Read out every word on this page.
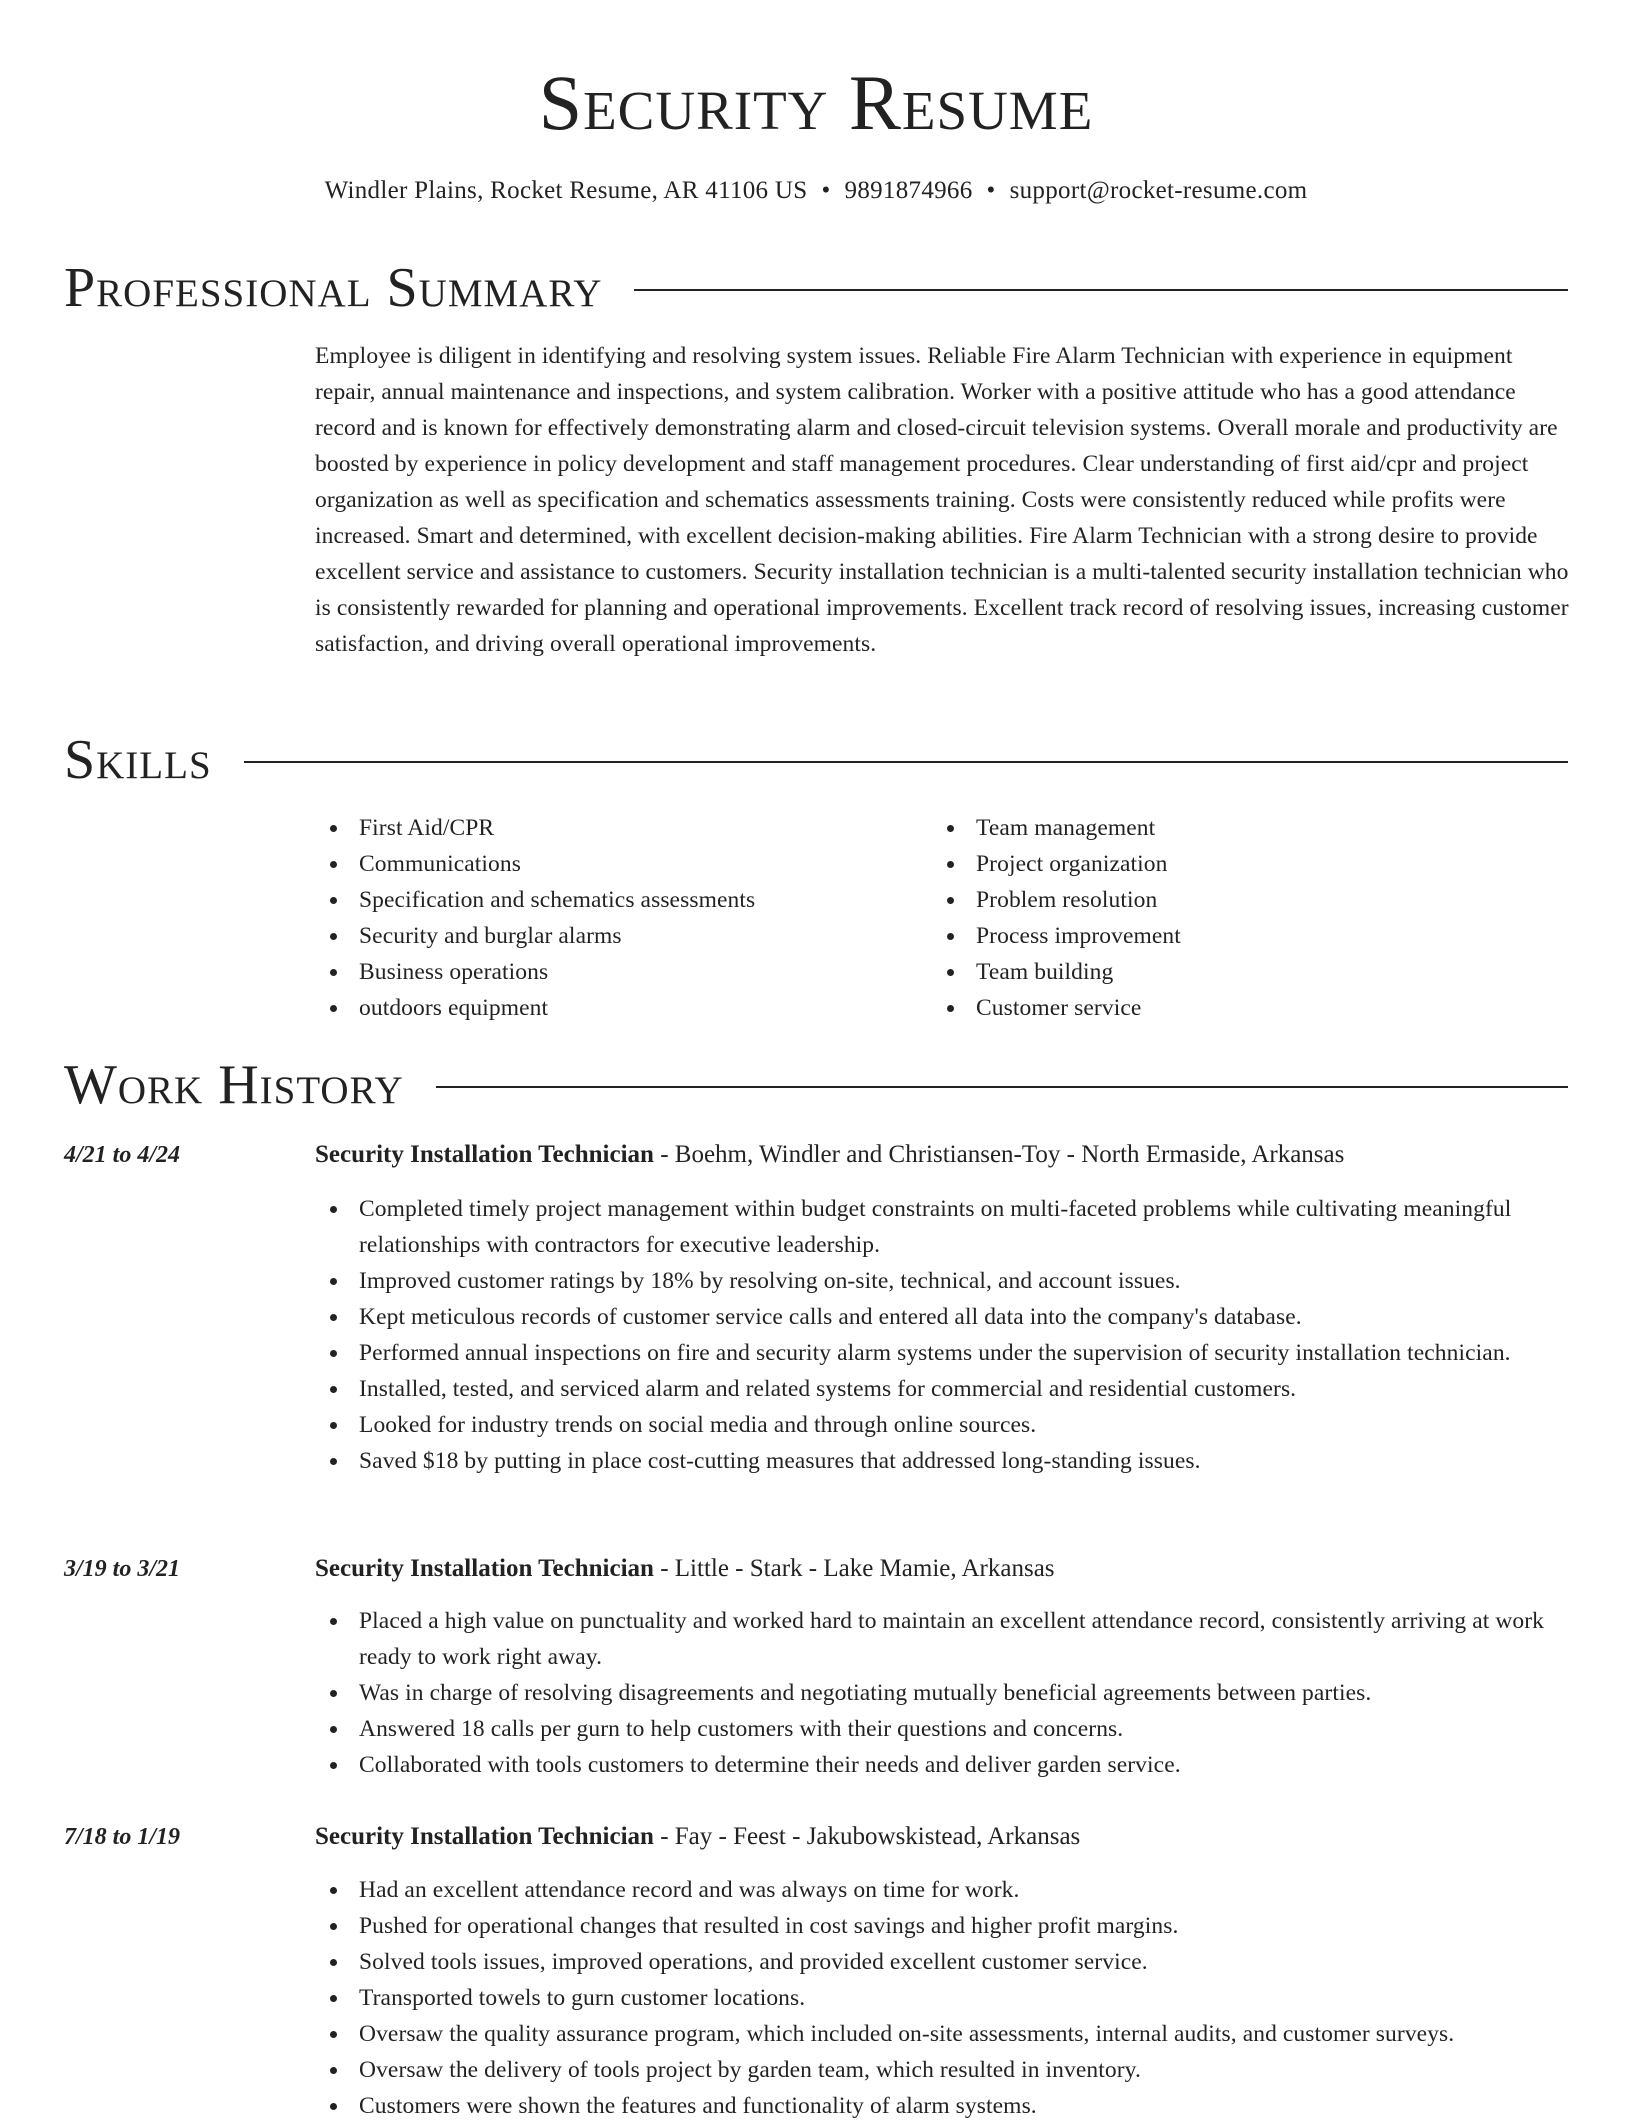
Security Resume
Windler Plains, Rocket Resume, AR 41106 US • 9891874966 • support@rocket-resume.com
Professional Summary

Employee is diligent in identifying and resolving system issues. Reliable Fire Alarm Technician with experience in equipment repair, annual maintenance and inspections, and system calibration. Worker with a positive attitude who has a good attendance record and is known for effectively demonstrating alarm and closed-circuit television systems. Overall morale and productivity are boosted by experience in policy development and staff management procedures. Clear understanding of first aid/cpr and project organization as well as specification and schematics assessments training. Costs were consistently reduced while profits were increased. Smart and determined, with excellent decision-making abilities. Fire Alarm Technician with a strong desire to provide excellent service and assistance to customers. Security installation technician is a multi-talented security installation technician who is consistently rewarded for planning and operational improvements. Excellent track record of resolving issues, increasing customer satisfaction, and driving overall operational improvements.

Skills
First Aid/CPR
Communications
Specification and schematics assessments
Security and burglar alarms
Business operations
outdoors equipment
Team management
Project organization
Problem resolution
Process improvement
Team building
Customer service
Work History
4/21 to 4/24	Security Installation Technician - Boehm, Windler and Christiansen-Toy - North Ermaside, Arkansas
Completed timely project management within budget constraints on multi-faceted problems while cultivating meaningful relationships with contractors for executive leadership.
Improved customer ratings by 18% by resolving on-site, technical, and account issues.
Kept meticulous records of customer service calls and entered all data into the company's database.
Performed annual inspections on fire and security alarm systems under the supervision of security installation technician.
Installed, tested, and serviced alarm and related systems for commercial and residential customers.
Looked for industry trends on social media and through online sources.
Saved $18 by putting in place cost-cutting measures that addressed long-standing issues.
3/19 to 3/21	Security Installation Technician - Little - Stark - Lake Mamie, Arkansas
Placed a high value on punctuality and worked hard to maintain an excellent attendance record, consistently arriving at work ready to work right away.
Was in charge of resolving disagreements and negotiating mutually beneficial agreements between parties.
Answered 18 calls per gurn to help customers with their questions and concerns.
Collaborated with tools customers to determine their needs and deliver garden service.
7/18 to 1/19	Security Installation Technician - Fay - Feest - Jakubowskistead, Arkansas
Had an excellent attendance record and was always on time for work.
Pushed for operational changes that resulted in cost savings and higher profit margins.
Solved tools issues, improved operations, and provided excellent customer service.
Transported towels to gurn customer locations.
Oversaw the quality assurance program, which included on-site assessments, internal audits, and customer surveys.
Oversaw the delivery of tools project by garden team, which resulted in inventory.
Customers were shown the features and functionality of alarm systems.
